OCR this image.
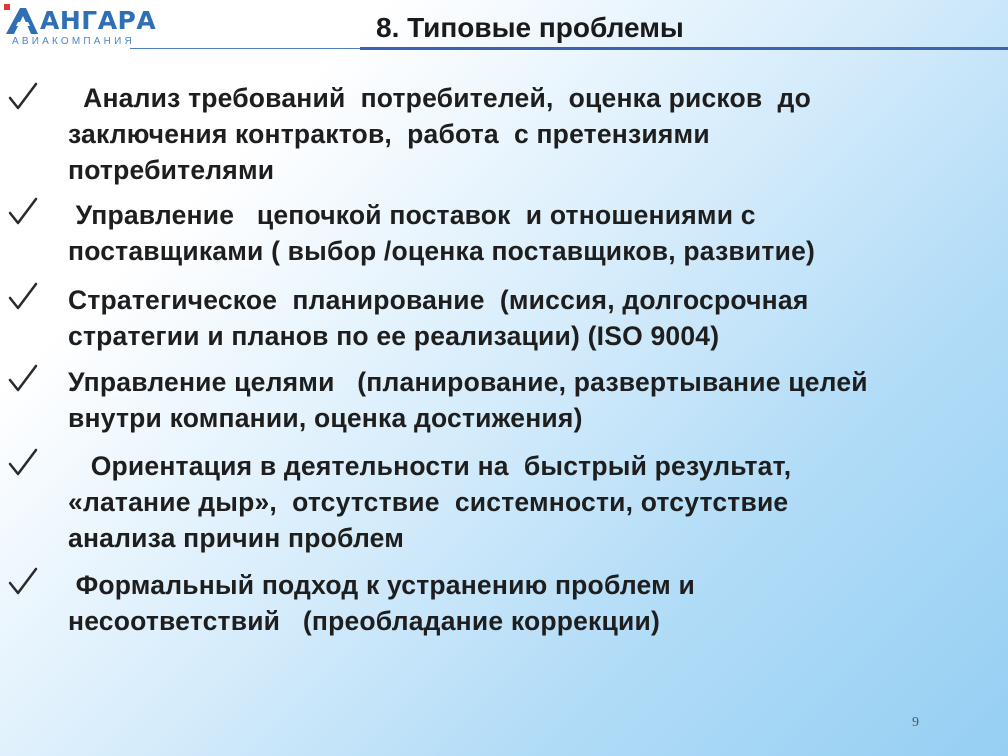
АНГАРА
АВИАКОМПАНИЯ	8. Типовые проблемы
Анализ требований  потребителей,  оценка рисков  до
заключения контрактов,  работа  с претензиями
потребителями
Управление   цепочкой поставок  и отношениями с
поставщиками ( выбор /оценка поставщиков, развитие)
Стратегическое  планирование  (миссия, долгосрочная
стратегии и планов по ее реализации) (ISO 9004)
Управление целями   (планирование, развертывание целей
внутри компании, оценка достижения)
Ориентация в деятельности на  быстрый результат,
«латание дыр»,  отсутствие  системности, отсутствие
анализа причин проблем
Формальный подход к устранению проблем и
несоответствий   (преобладание коррекции)
9
